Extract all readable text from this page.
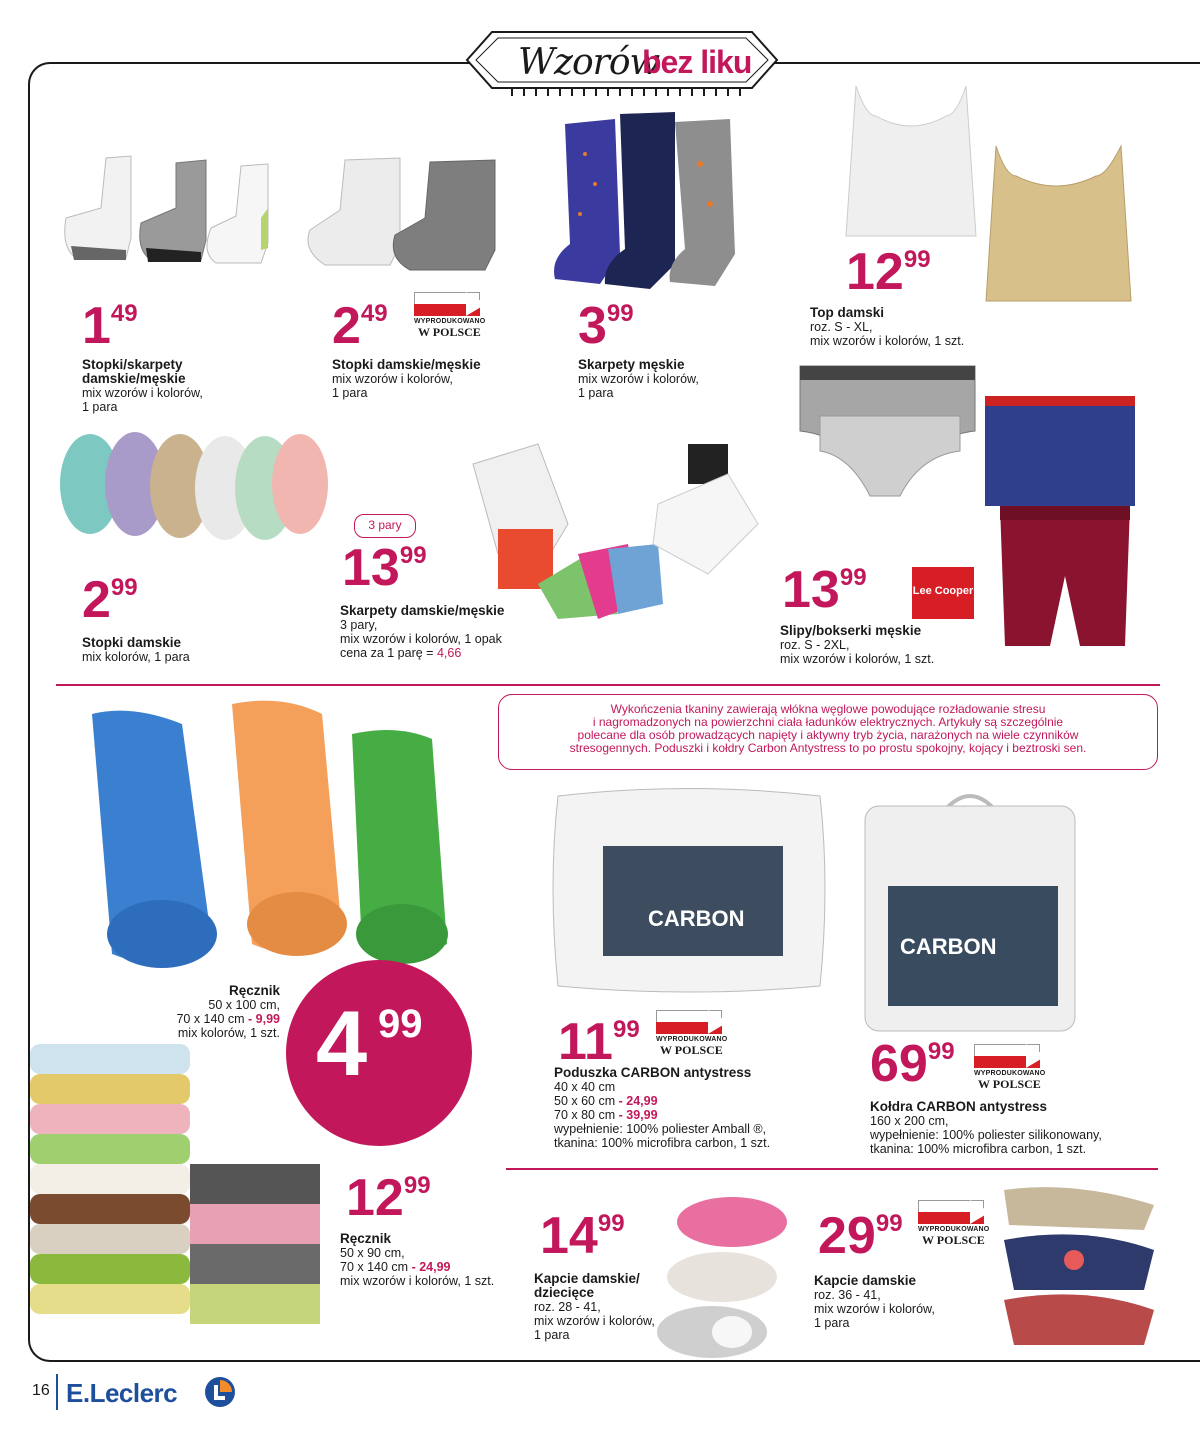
Wzorów
bez liku
149
Stopki/skarpety damskie/męskie
mix wzorów i kolorów,
1 para
249	WYPRODUKOWANO
W POLSCE
Stopki damskie/męskie
mix wzorów i kolorów,
1 para
399
Skarpety męskie
mix wzorów i kolorów,
1 para
1299
Top damski
roz. S - XL,
mix wzorów i kolorów, 1 szt.
299
Stopki damskie
mix kolorów, 1 para
3 pary
1399
Skarpety damskie/męskie
3 pary,
mix wzorów i kolorów, 1 opak
cena za 1 parę = 4,66
1399	Lee Cooper
Slipy/bokserki męskie
roz. S - 2XL,
mix wzorów i kolorów, 1 szt.
Wykończenia tkaniny zawierają włókna węglowe powodujące rozładowanie stresu
i nagromadzonych na powierzchni ciała ładunków elektrycznych. Artykuły są szczególnie
polecane dla osób prowadzących napięty i aktywny tryb życia, narażonych na wiele czynników
stresogennych. Poduszki i kołdry Carbon Antystress to po prostu spokojny, kojący i beztroski sen.
Ręcznik
50 x 100 cm,
70 x 140 cm - 9,99
mix kolorów, 1 szt. 4 99
1299
Ręcznik
50 x 90 cm,
70 x 140 cm - 24,99
mix wzorów i kolorów, 1 szt.
CARBON
1199 WYPRODUKOWANO
W POLSCE
Poduszka CARBON antystress
40 x 40 cm
50 x 60 cm - 24,99
70 x 80 cm - 39,99
wypełnienie: 100% poliester Amball ®,
tkanina: 100% microfibra carbon, 1 szt.
CARBON
6999
WYPRODUKOWANO
W POLSCE
Kołdra CARBON antystress
160 x 200 cm,
wypełnienie: 100% poliester silikonowany,
tkanina: 100% microfibra carbon, 1 szt.
1499
Kapcie damskie/
dziecięce
roz. 28 - 41,
mix wzorów i kolorów,
1 para
2999 WYPRODUKOWANO
W POLSCE
Kapcie damskie
roz. 36 - 41,
mix wzorów i kolorów,
1 para
16 E.Leclerc
